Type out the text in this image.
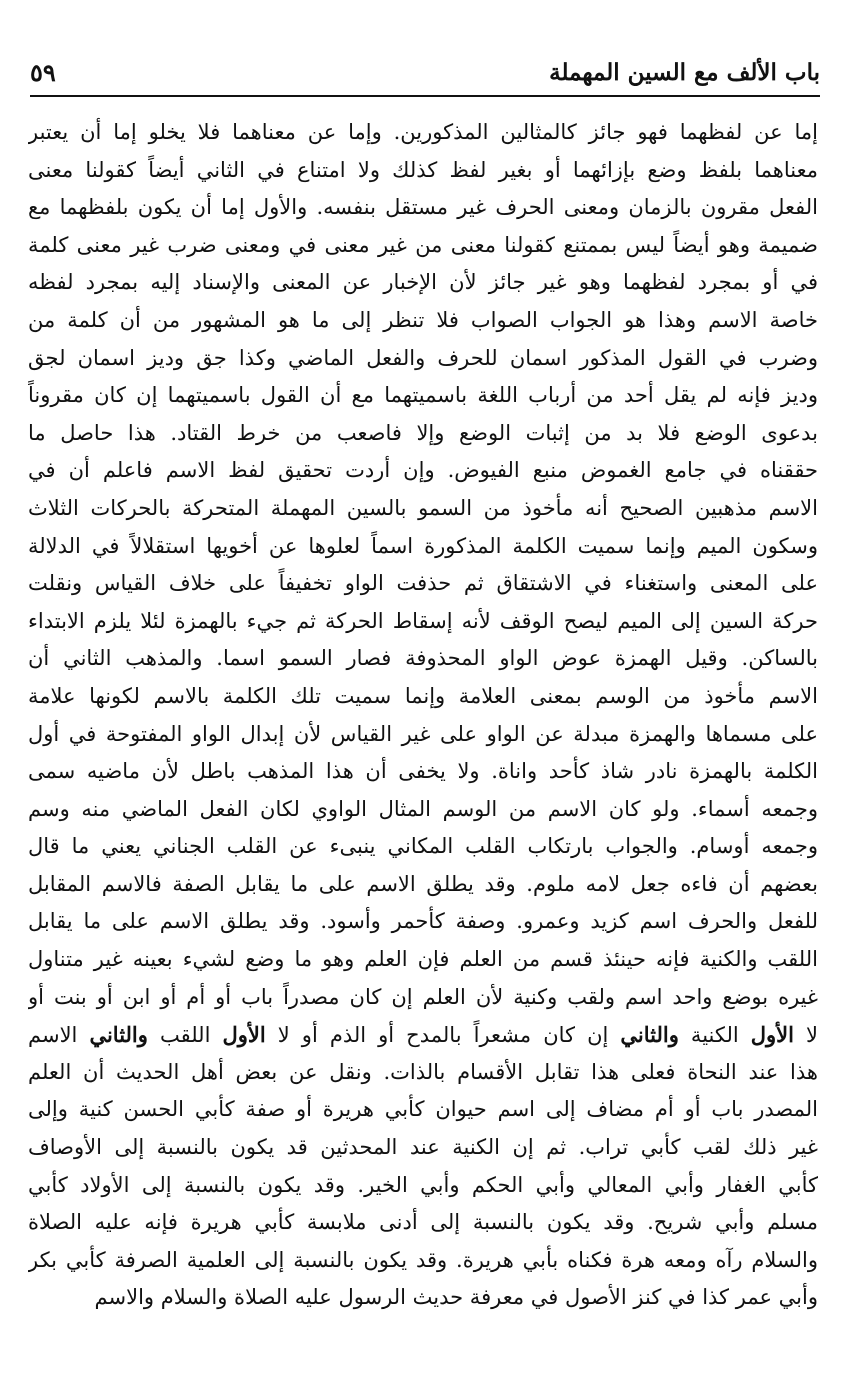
باب الألف مع السين المهملة
٥٩
إما عن لفظهما فهو جائز كالمثالين المذكورين. وإما عن معناهما فلا يخلو إما أن يعتبر
معناهما بلفظ وضع بإزائهما أو بغير لفظ كذلك ولا امتناع في الثاني أيضاً كقولنا معنى
الفعل مقرون بالزمان ومعنى الحرف غير مستقل بنفسه. والأول إما أن يكون بلفظهما مع
ضميمة وهو أيضاً ليس بممتنع كقولنا معنى من غير معنى في ومعنى ضرب غير معنى كلمة
في أو بمجرد لفظهما وهو غير جائز لأن الإخبار عن المعنى والإسناد إليه بمجرد لفظه
خاصة الاسم وهذا هو الجواب الصواب فلا تنظر إلى ما هو المشهور من أن كلمة من
وضرب في القول المذكور اسمان للحرف والفعل الماضي وكذا جق وديز اسمان لجق
وديز فإنه لم يقل أحد من أرباب اللغة باسميتهما مع أن القول باسميتهما إن كان مقروناً
بدعوى الوضع فلا بد من إثبات الوضع وإلا فاصعب من خرط القتاد. هذا حاصل ما
حققناه في جامع الغموض منبع الفيوض. وإن أردت تحقيق لفظ الاسم فاعلم أن في
الاسم مذهبين الصحيح أنه مأخوذ من السمو بالسين المهملة المتحركة بالحركات الثلاث
وسكون الميم وإنما سميت الكلمة المذكورة اسماً لعلوها عن أخويها استقلالاً في الدلالة
على المعنى واستغناء في الاشتقاق ثم حذفت الواو تخفيفاً على خلاف القياس ونقلت
حركة السين إلى الميم ليصح الوقف لأنه إسقاط الحركة ثم جيء بالهمزة لئلا يلزم الابتداء
بالساكن. وقيل الهمزة عوض الواو المحذوفة فصار السمو اسما. والمذهب الثاني أن
الاسم مأخوذ من الوسم بمعنى العلامة وإنما سميت تلك الكلمة بالاسم لكونها علامة
على مسماها والهمزة مبدلة عن الواو على غير القياس لأن إبدال الواو المفتوحة في أول
الكلمة بالهمزة نادر شاذ كأحد واناة. ولا يخفى أن هذا المذهب باطل لأن ماضيه سمى
وجمعه أسماء. ولو كان الاسم من الوسم المثال الواوي لكان الفعل الماضي منه وسم
وجمعه أوسام. والجواب بارتكاب القلب المكاني ينبىء عن القلب الجناني يعني ما قال
بعضهم أن فاءه جعل لامه ملوم. وقد يطلق الاسم على ما يقابل الصفة فالاسم المقابل
للفعل والحرف اسم كزيد وعمرو. وصفة كأحمر وأسود. وقد يطلق الاسم على ما يقابل
اللقب والكنية فإنه حينئذ قسم من العلم فإن العلم وهو ما وضع لشيء بعينه غير متناول
غيره بوضع واحد اسم ولقب وكنية لأن العلم إن كان مصدراً باب أو أم أو ابن أو بنت أو
لا الأول الكنية والثاني إن كان مشعراً بالمدح أو الذم أو لا الأول اللقب والثاني الاسم
هذا عند النحاة فعلى هذا تقابل الأقسام بالذات. ونقل عن بعض أهل الحديث أن العلم
المصدر باب أو أم مضاف إلى اسم حيوان كأبي هريرة أو صفة كأبي الحسن كنية وإلى
غير ذلك لقب كأبي تراب. ثم إن الكنية عند المحدثين قد يكون بالنسبة إلى الأوصاف
كأبي الغفار وأبي المعالي وأبي الحكم وأبي الخير. وقد يكون بالنسبة إلى الأولاد كأبي
مسلم وأبي شريح. وقد يكون بالنسبة إلى أدنى ملابسة كأبي هريرة فإنه عليه الصلاة
والسلام رآه ومعه هرة فكناه بأبي هريرة. وقد يكون بالنسبة إلى العلمية الصرفة كأبي بكر
وأبي عمر كذا في كنز الأصول في معرفة حديث الرسول عليه الصلاة والسلام والاسم
